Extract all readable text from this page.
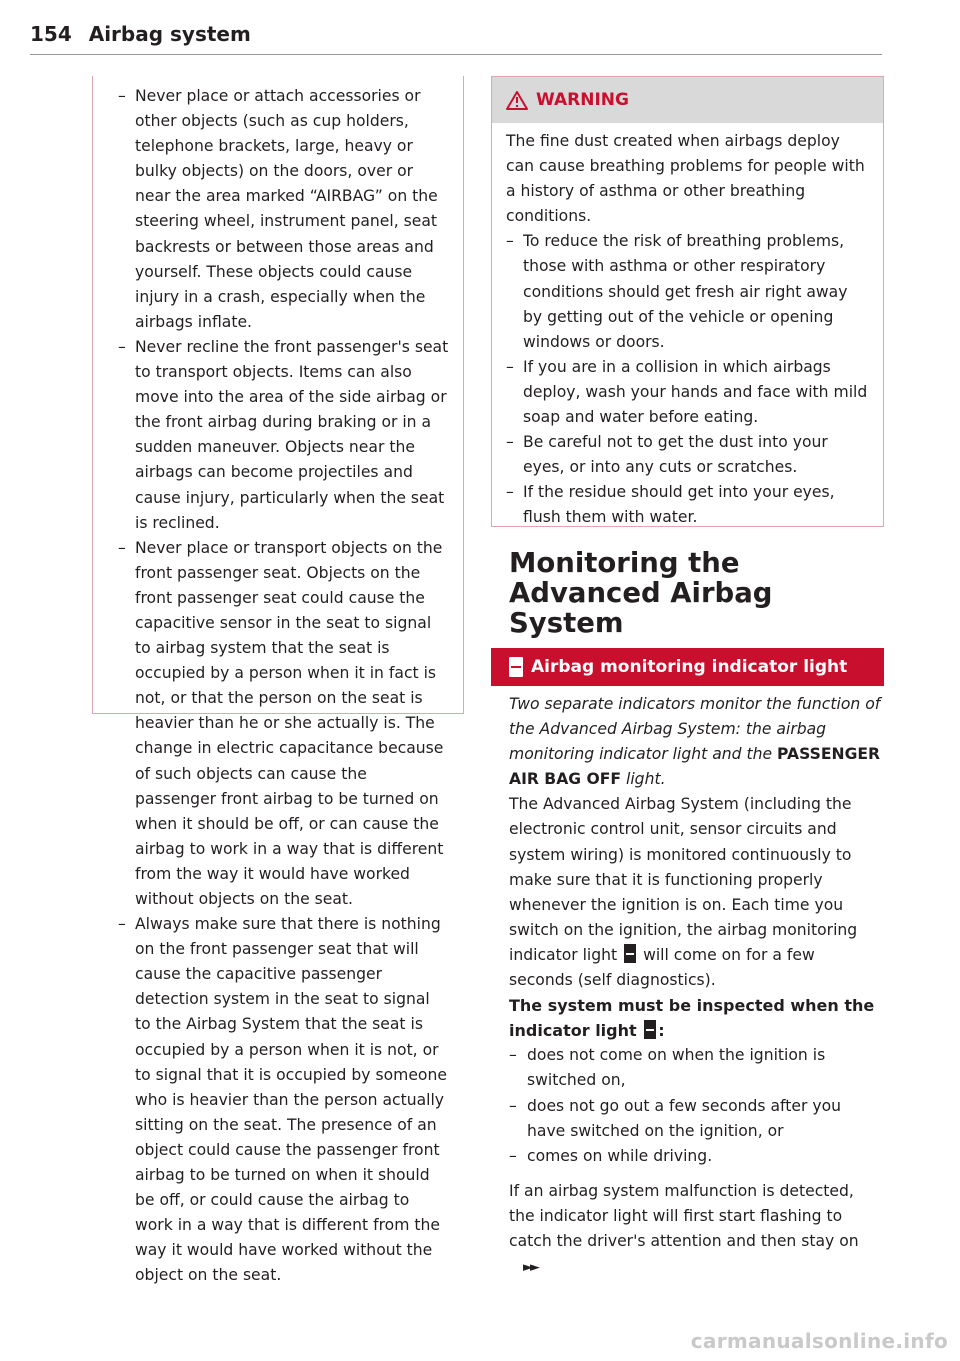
154 Airbag system
– Never place or attach accessories or other objects (such as cup holders, telephone brackets, large, heavy or bulky objects) on the doors, over or near the area marked “AIRBAG” on the steering wheel, instrument panel, seat backrests or between those areas and yourself. These objects could cause injury in a crash, especially when the airbags inflate.
– Never recline the front passenger's seat to transport objects. Items can also move into the area of the side airbag or the front airbag during braking or in a sudden maneuver. Objects near the airbags can become projectiles and cause injury, particularly when the seat is reclined.
– Never place or transport objects on the front passenger seat. Objects on the front passenger seat could cause the capacitive sensor in the seat to signal to airbag system that the seat is occupied by a person when it in fact is not, or that the person on the seat is heavier than he or she actually is. The change in electric capacitance because of such objects can cause the passenger front airbag to be turned on when it should be off, or can cause the airbag to work in a way that is different from the way it would have worked without objects on the seat.
– Always make sure that there is nothing on the front passenger seat that will cause the capacitive passenger detection system in the seat to signal to the Airbag System that the seat is occupied by a person when it is not, or to signal that it is occupied by someone who is heavier than the person actually sitting on the seat. The presence of an object could cause the passenger front airbag to be turned on when it should be off, or could cause the airbag to work in a way that is different from the way it would have worked without the object on the seat.
WARNING

The fine dust created when airbags deploy can cause breathing problems for people with a history of asthma or other breathing conditions.

– To reduce the risk of breathing problems, those with asthma or other respiratory conditions should get fresh air right away by getting out of the vehicle or opening windows or doors.
– If you are in a collision in which airbags deploy, wash your hands and face with mild soap and water before eating.
– Be careful not to get the dust into your eyes, or into any cuts or scratches.
– If the residue should get into your eyes, flush them with water.
Monitoring the Advanced Airbag System
Airbag monitoring indicator light

Two separate indicators monitor the function of the Advanced Airbag System: the airbag monitoring indicator light and the PASSENGER AIR BAG OFF light.

The Advanced Airbag System (including the electronic control unit, sensor circuits and system wiring) is monitored continuously to make sure that it is functioning properly whenever the ignition is on. Each time you switch on the ignition, the airbag monitoring indicator light  will come on for a few seconds (self diagnostics).

The system must be inspected when the indicator light :

– does not come on when the ignition is switched on,
– does not go out a few seconds after you have switched on the ignition, or
– comes on while driving.

If an airbag system malfunction is detected, the indicator light will first start flashing to catch the driver's attention and then stay on►►

carmanualsonline.info
